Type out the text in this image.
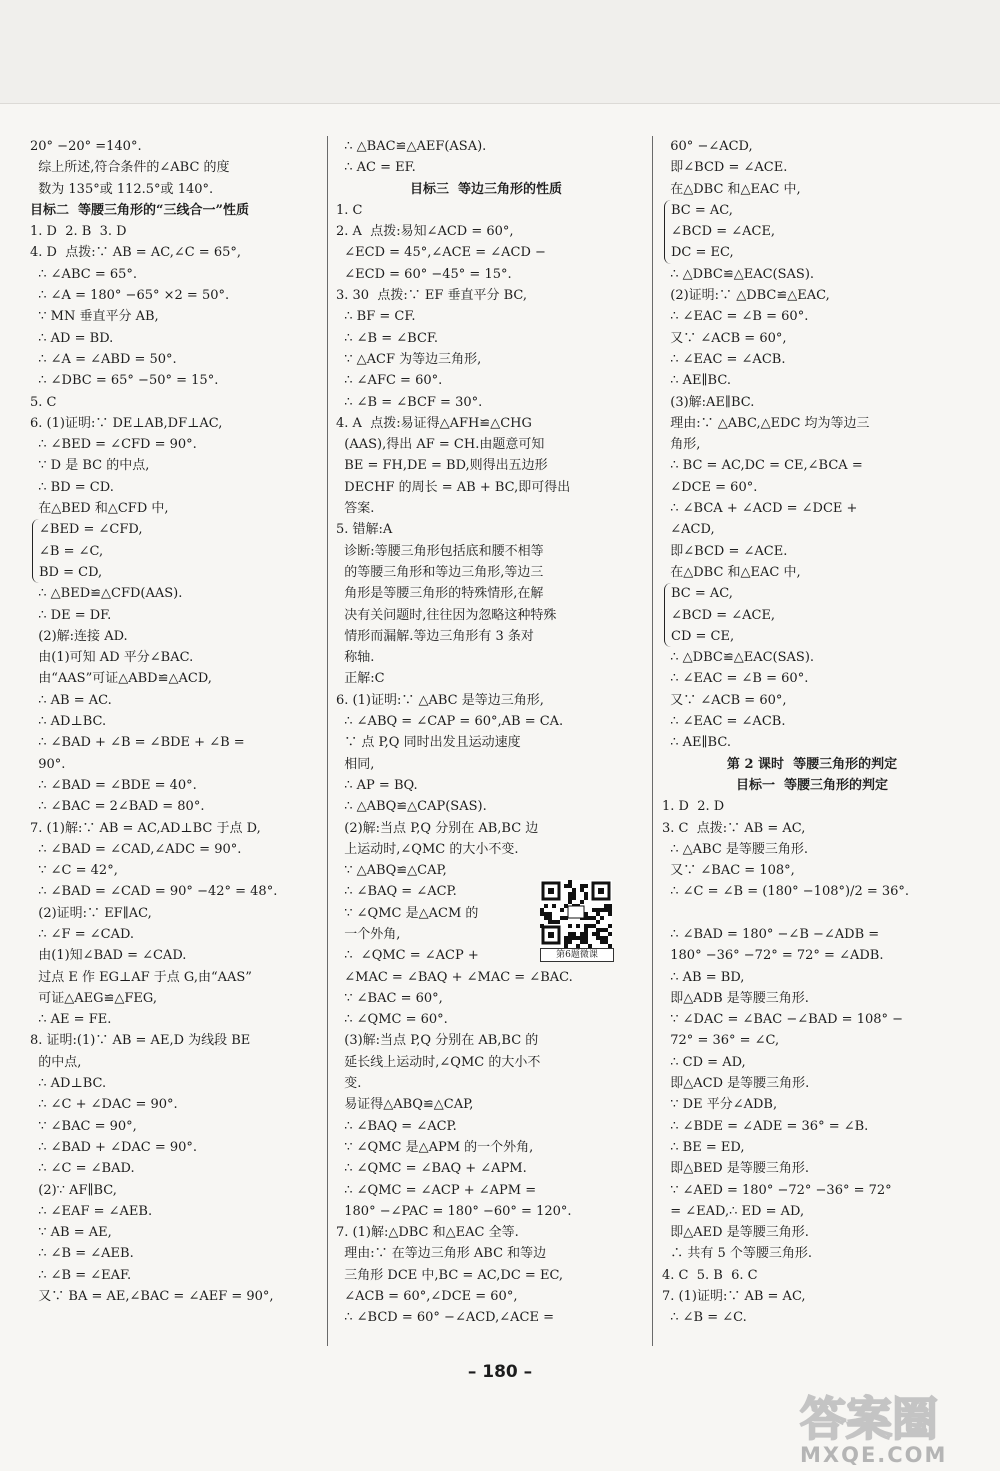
20° −20° =140°.
综上所述,符合条件的∠ABC 的度
数为 135°或 112.5°或 140°.
目标二  等腰三角形的“三线合一”性质
1. D  2. B  3. D
4. D  点拨:∵ AB = AC,∠C = 65°,
∴ ∠ABC = 65°.
∴ ∠A = 180° −65° ×2 = 50°.
∵ MN 垂直平分 AB,
∴ AD = BD.
∴ ∠A = ∠ABD = 50°.
∴ ∠DBC = 65° −50° = 15°.
5. C
6. (1)证明:∵ DE⊥AB,DF⊥AC,
∴ ∠BED = ∠CFD = 90°.
∵ D 是 BC 的中点,
∴ BD = CD.
在△BED 和△CFD 中,
∠BED = ∠CFD,
∠B = ∠C,
BD = CD,
∴ △BED≌△CFD(AAS).
∴ DE = DF.
(2)解:连接 AD.
由(1)可知 AD 平分∠BAC.
由“AAS”可证△ABD≌△ACD,
∴ AB = AC.
∴ AD⊥BC.
∴ ∠BAD + ∠B = ∠BDE + ∠B =
90°.
∴ ∠BAD = ∠BDE = 40°.
∴ ∠BAC = 2∠BAD = 80°.
7. (1)解:∵ AB = AC,AD⊥BC 于点 D,
∴ ∠BAD = ∠CAD,∠ADC = 90°.
∵ ∠C = 42°,
∴ ∠BAD = ∠CAD = 90° −42° = 48°.
(2)证明:∵ EF∥AC,
∴ ∠F = ∠CAD.
由(1)知∠BAD = ∠CAD.
过点 E 作 EG⊥AF 于点 G,由“AAS”
可证△AEG≌△FEG,
∴ AE = FE.
8. 证明:(1)∵ AB = AE,D 为线段 BE
的中点,
∴ AD⊥BC.
∴ ∠C + ∠DAC = 90°.
∵ ∠BAC = 90°,
∴ ∠BAD + ∠DAC = 90°.
∴ ∠C = ∠BAD.
(2)∵ AF∥BC,
∴ ∠EAF = ∠AEB.
∵ AB = AE,
∴ ∠B = ∠AEB.
∴ ∠B = ∠EAF.
又∵ BA = AE,∠BAC = ∠AEF = 90°,
∴ △BAC≌△AEF(ASA).
∴ AC = EF.
目标三  等边三角形的性质
1. C
2. A  点拨:易知∠ACD = 60°,
∠ECD = 45°,∠ACE = ∠ACD −
∠ECD = 60° −45° = 15°.
3. 30  点拨:∵ EF 垂直平分 BC,
∴ BF = CF.
∴ ∠B = ∠BCF.
∵ △ACF 为等边三角形,
∴ ∠AFC = 60°.
∴ ∠B = ∠BCF = 30°.
4. A  点拨:易证得△AFH≌△CHG
(AAS),得出 AF = CH.由题意可知
BE = FH,DE = BD,则得出五边形
DECHF 的周长 = AB + BC,即可得出
答案.
5. 错解:A
诊断:等腰三角形包括底和腰不相等
的等腰三角形和等边三角形,等边三
角形是等腰三角形的特殊情形,在解
决有关问题时,往往因为忽略这种特殊
情形而漏解.等边三角形有 3 条对
称轴.
正解:C
6. (1)证明:∵ △ABC 是等边三角形,
∴ ∠ABQ = ∠CAP = 60°,AB = CA.
∵ 点 P,Q 同时出发且运动速度
相同,
∴ AP = BQ.
∴ △ABQ≌△CAP(SAS).
(2)解:当点 P,Q 分别在 AB,BC 边
上运动时,∠QMC 的大小不变.
∵ △ABQ≌△CAP,
∴ ∠BAQ = ∠ACP.
∵ ∠QMC 是△ACM 的
一个外角,
∴  ∠QMC = ∠ACP +
∠MAC = ∠BAQ + ∠MAC = ∠BAC.
∵ ∠BAC = 60°,
∴ ∠QMC = 60°.
(3)解:当点 P,Q 分别在 AB,BC 的
延长线上运动时,∠QMC 的大小不
变.
易证得△ABQ≌△CAP,
∴ ∠BAQ = ∠ACP.
∵ ∠QMC 是△APM 的一个外角,
∴ ∠QMC = ∠BAQ + ∠APM.
∴ ∠QMC = ∠ACP + ∠APM =
180° −∠PAC = 180° −60° = 120°.
7. (1)解:△DBC 和△EAC 全等.
理由:∵ 在等边三角形 ABC 和等边
三角形 DCE 中,BC = AC,DC = EC,
∠ACB = 60°,∠DCE = 60°,
∴ ∠BCD = 60° −∠ACD,∠ACE =
60° −∠ACD,
即∠BCD = ∠ACE.
在△DBC 和△EAC 中,
BC = AC,
∠BCD = ∠ACE,
DC = EC,
∴ △DBC≌△EAC(SAS).
(2)证明:∵ △DBC≌△EAC,
∴ ∠EAC = ∠B = 60°.
又∵ ∠ACB = 60°,
∴ ∠EAC = ∠ACB.
∴ AE∥BC.
(3)解:AE∥BC.
理由:∵ △ABC,△EDC 均为等边三
角形,
∴ BC = AC,DC = CE,∠BCA =
∠DCE = 60°.
∴ ∠BCA + ∠ACD = ∠DCE +
∠ACD,
即∠BCD = ∠ACE.
在△DBC 和△EAC 中,
BC = AC,
∠BCD = ∠ACE,
CD = CE,
∴ △DBC≌△EAC(SAS).
∴ ∠EAC = ∠B = 60°.
又∵ ∠ACB = 60°,
∴ ∠EAC = ∠ACB.
∴ AE∥BC.
第 2 课时  等腰三角形的判定
目标一  等腰三角形的判定
1. D  2. D
3. C  点拨:∵ AB = AC,
∴ △ABC 是等腰三角形.
又∵ ∠BAC = 108°,
∴ ∠C = ∠B = (180° −108°)/2 = 36°.

∴ ∠BAD = 180° −∠B −∠ADB =
180° −36° −72° = 72° = ∠ADB.
∴ AB = BD,
即△ADB 是等腰三角形.
∵ ∠DAC = ∠BAC −∠BAD = 108° −
72° = 36° = ∠C,
∴ CD = AD,
即△ACD 是等腰三角形.
∵ DE 平分∠ADB,
∴ ∠BDE = ∠ADE = 36° = ∠B.
∴ BE = ED,
即△BED 是等腰三角形.
∵ ∠AED = 180° −72° −36° = 72°
= ∠EAD,∴ ED = AD,
即△AED 是等腰三角形.
∴ 共有 5 个等腰三角形.
4. C  5. B  6. C
7. (1)证明:∵ AB = AC,
∴ ∠B = ∠C.
第6题微课
– 180 –
答案圈
MXQE.COM
